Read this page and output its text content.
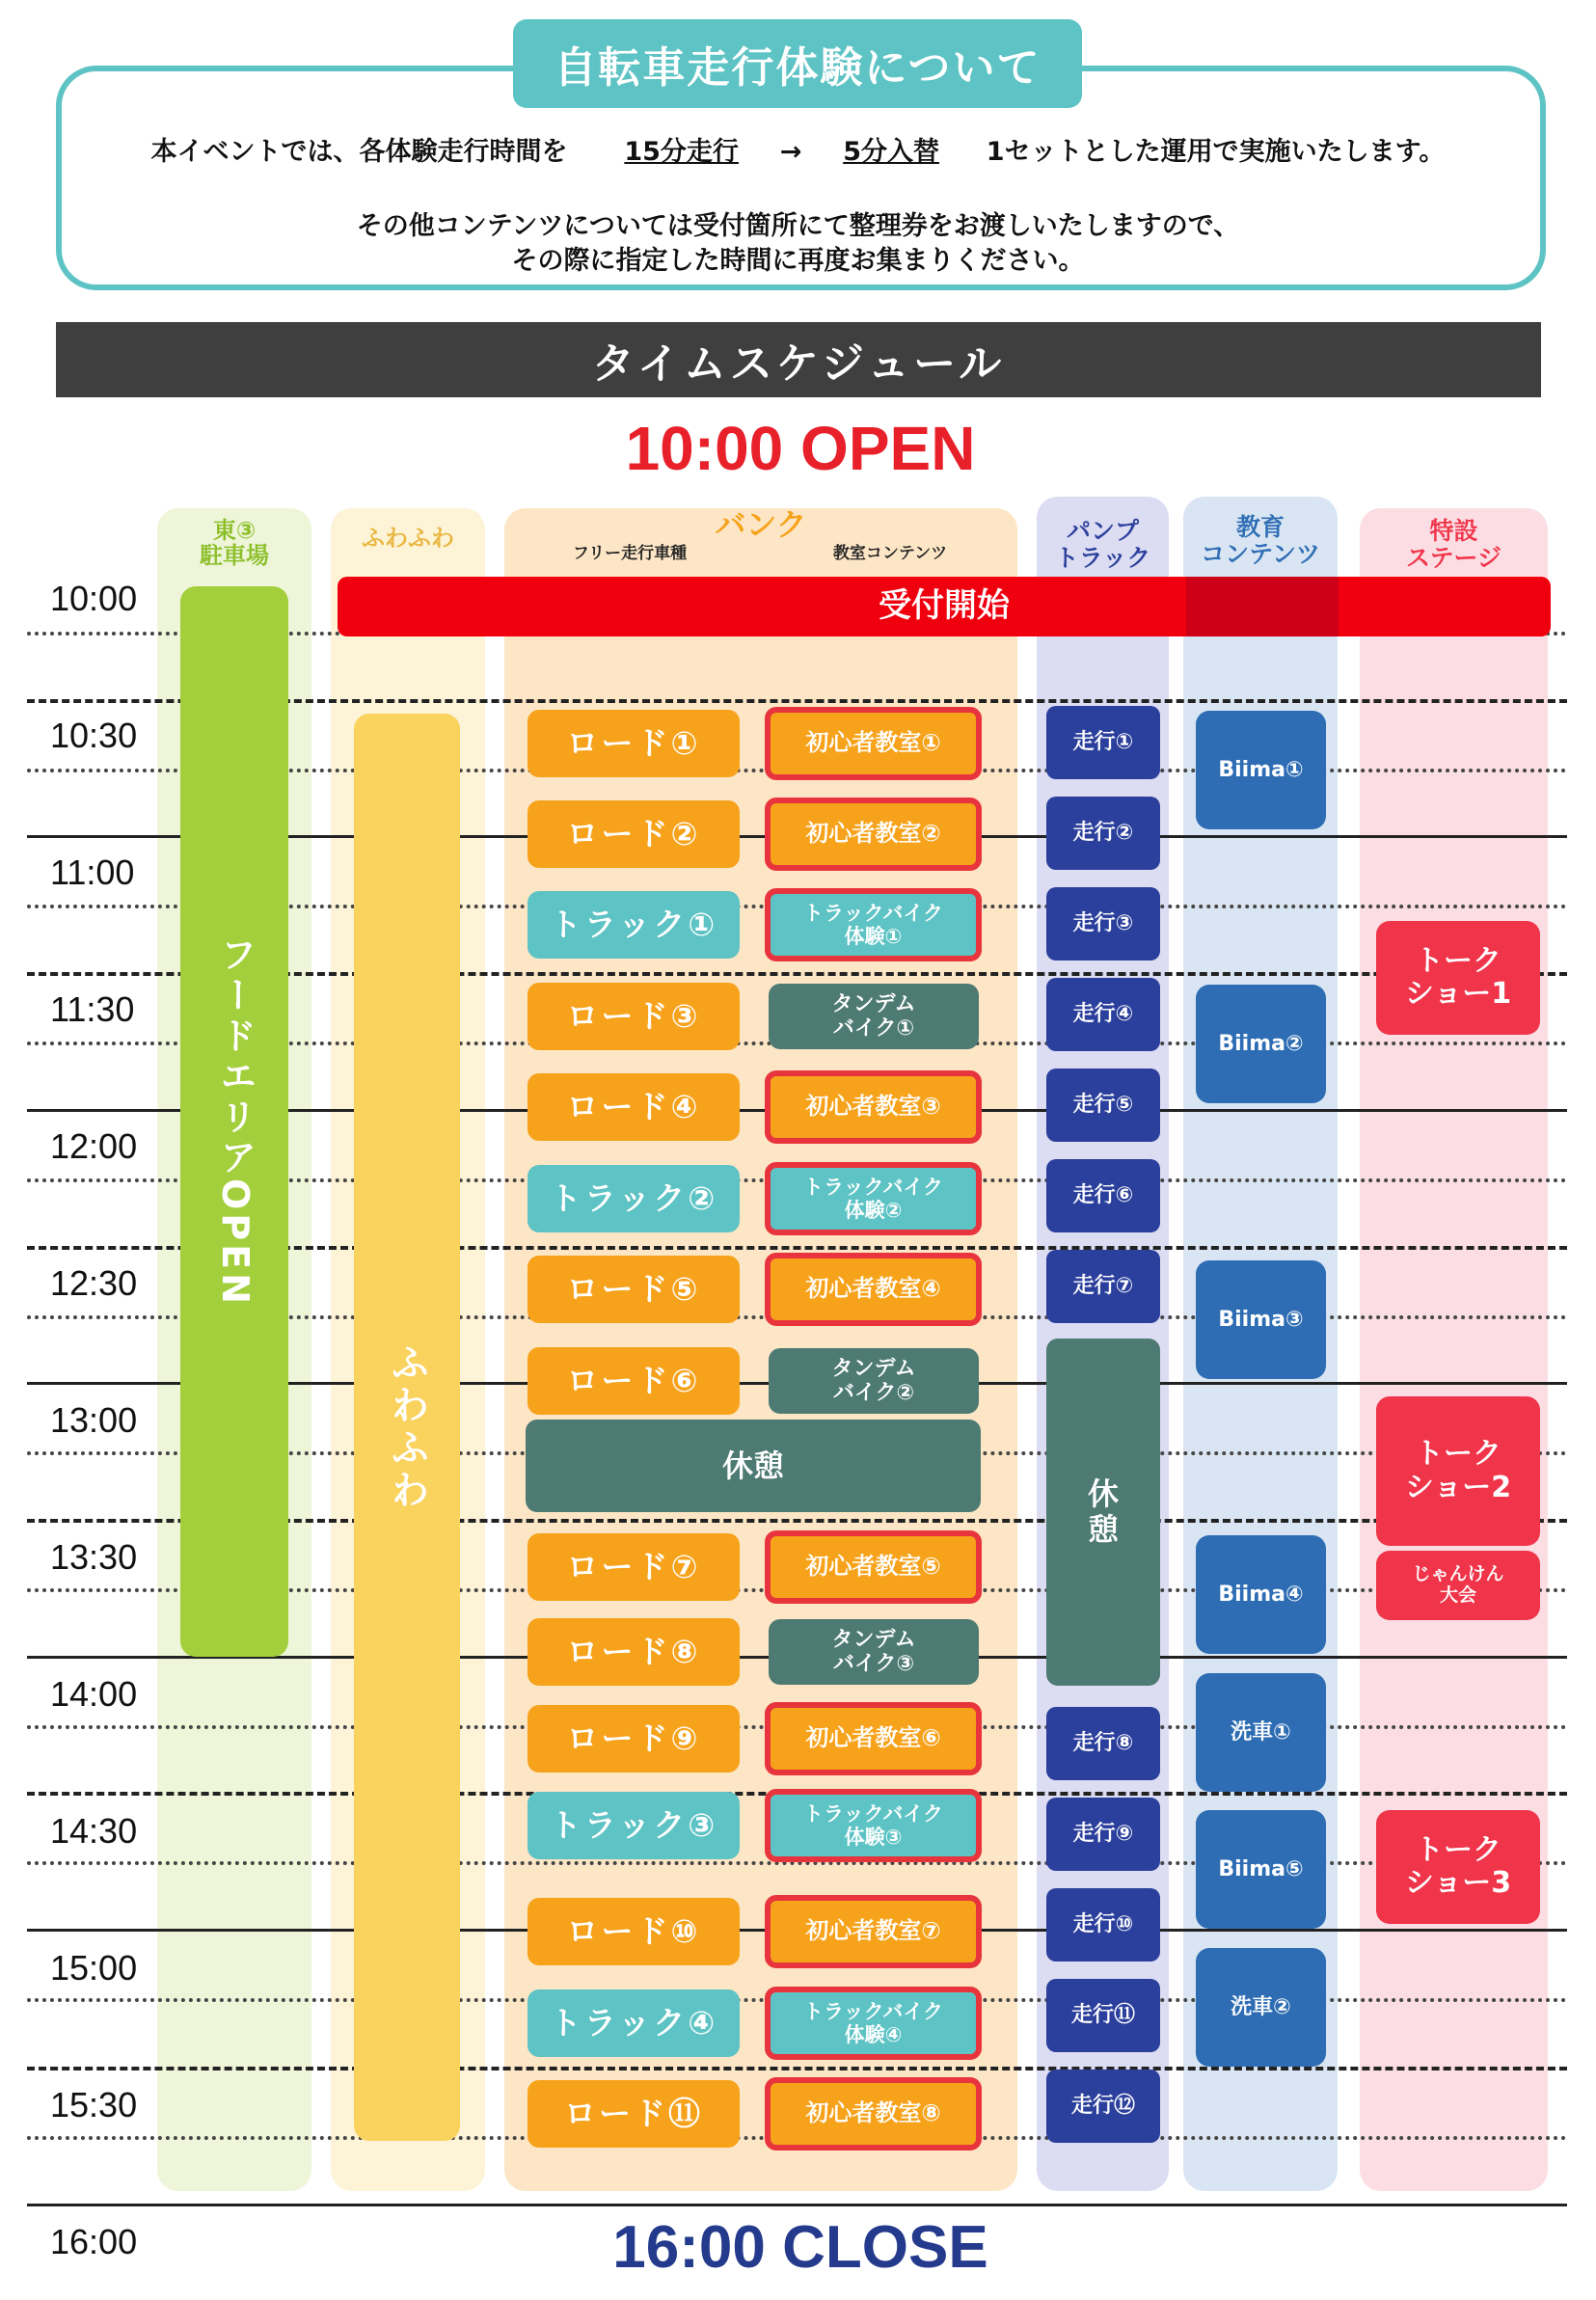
自転車走行体験について
本イベントでは、各体験走行時間を 15分走行 → 5分入替 1セットとした運用で実施いたします。
その他コンテンツについては受付箇所にて整理券をお渡しいたしますので、
その際に指定した時間に再度お集まりください。
タイムスケジュール
10:00 OPEN
東③
駐車場
ふわふわ	バンク
フリー走行車種	教室コンテンツ
パンプ
トラック
教育
コンテンツ
特設
ステージ
10:00
10:30
11:00
11:30
12:00
12:30
13:00
13:30
14:00
14:30
15:00
15:30
16:00
受付開始
フードエリアOPEN
ふわふわ
ロード①
ロード②
トラック①
ロード③
ロード④
トラック②
ロード⑤
ロード⑥
ロード⑦
ロード⑧
ロード⑨
トラック③
ロード⑩
トラック④
ロード⑪
初心者教室①
初心者教室②
トラックバイク
体験①
タンデム
バイク①
初心者教室③
トラックバイク
体験②
初心者教室④
タンデム
バイク②
初心者教室⑤
タンデム
バイク③
初心者教室⑥
トラックバイク
体験③
初心者教室⑦
トラックバイク
体験④
初心者教室⑧
休憩
走行①
走行②
走行③
走行④
走行⑤
走行⑥
走行⑦
休
憩
走行⑧
走行⑨
走行⑩
走行⑪
走行⑫
Biima①
Biima②
Biima③
Biima④
洗車①
Biima⑤
洗車②
トーク
ショー1
トーク
ショー2
じゃんけん
大会
トーク
ショー3
16:00 CLOSE
